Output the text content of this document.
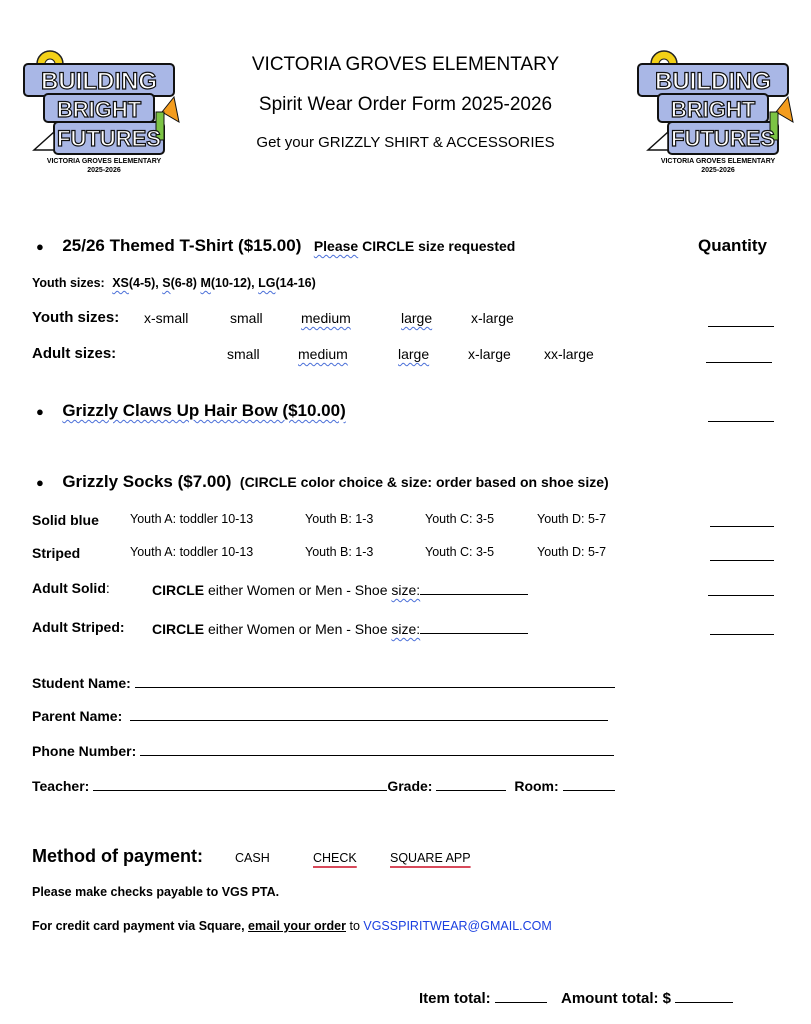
BUILDING
BRIGHT
FUTURES
VICTORIA GROVES ELEMENTARY
2025-2026
BUILDING
BRIGHT
FUTURES
VICTORIA GROVES ELEMENTARY
2025-2026
VICTORIA GROVES ELEMENTARY
Spirit Wear Order Form 2025-2026
Get your GRIZZLY SHIRT & ACCESSORIES
● 25/26 Themed T-Shirt ($15.00) Please CIRCLE size requested	Quantity
Youth sizes: XS(4-5), S(6-8) M(10-12), LG(14-16)
Youth sizes: x-small	small	medium	large	x-large
Adult sizes:	small	medium	large	x-large xx-large
● Grizzly Claws Up Hair Bow ($10.00)
● Grizzly Socks ($7.00) (CIRCLE color choice & size: order based on shoe size)
Solid blue Youth A: toddler 10-13	Youth B: 1-3	Youth C: 3-5	Youth D: 5-7
Striped	Youth A: toddler 10-13	Youth B: 1-3	Youth C: 3-5	Youth D: 5-7
Adult Solid:	CIRCLE either Women or Men - Shoe size:
Adult Striped: CIRCLE either Women or Men - Shoe size:
Student Name:
Parent Name:
Phone Number:
Teacher:	Grade:	Room:
Method of payment:	CASH	CHECK	SQUARE APP
Please make checks payable to VGS PTA.
For credit card payment via Square, email your order to VGSSPIRITWEAR@GMAIL.COM
Item total:	Amount total: $
